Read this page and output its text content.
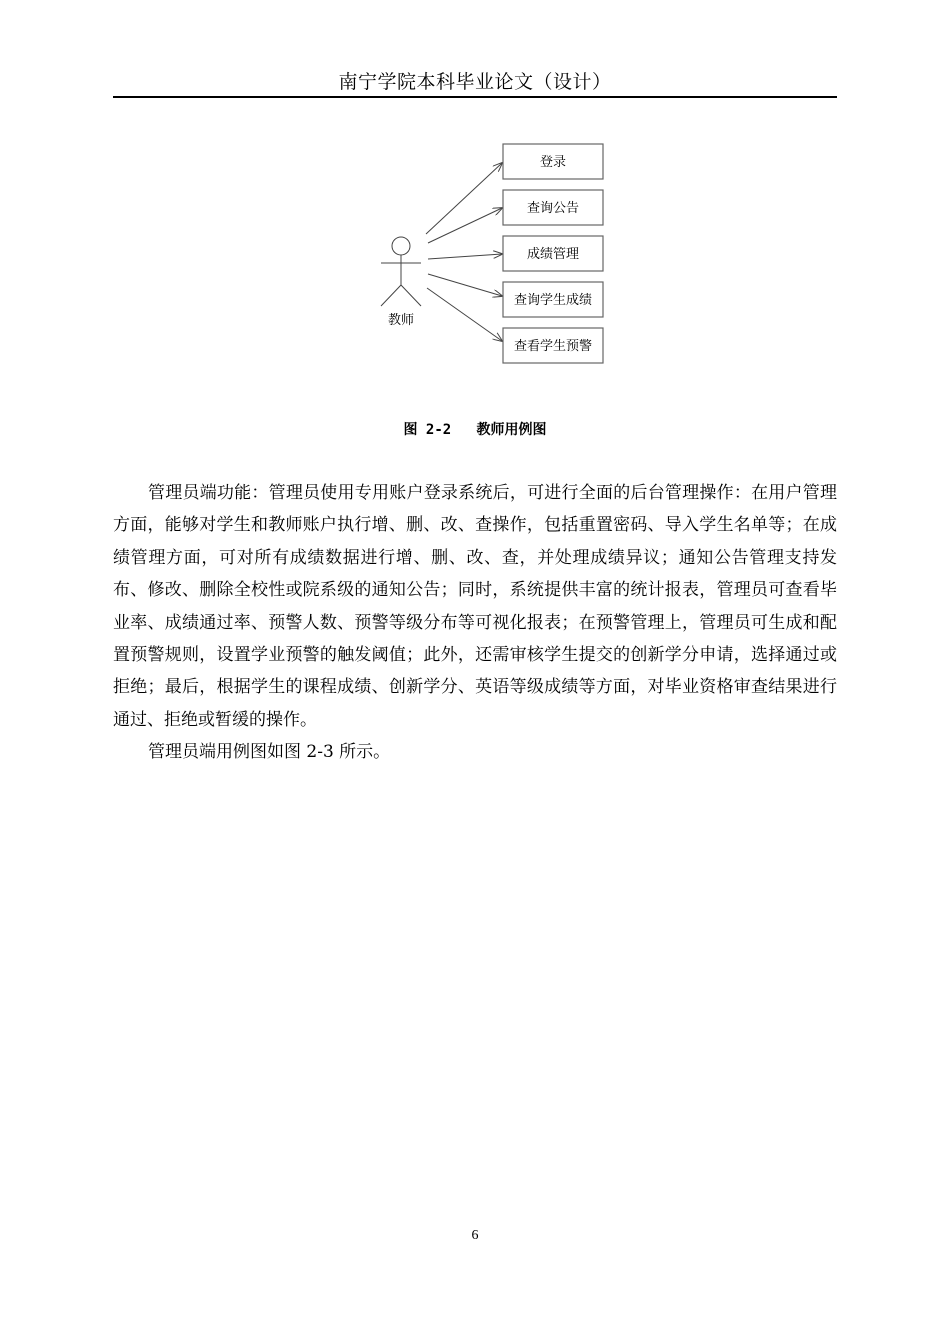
南宁学院本科毕业论文（设计）
教师
登录
查询公告
成绩管理
查询学生成绩
查看学生预警
图 2-2   教师用例图

管理员端功能：管理员使用专用账户登录系统后，可进行全面的后台管理操作：在用户管理方面，能够对学生和教师账户执行增、删、改、查操作，包括重置密码、导入学生名单等；在成绩管理方面，可对所有成绩数据进行增、删、改、查，并处理成绩异议；通知公告管理支持发布、修改、删除全校性或院系级的通知公告；同时，系统提供丰富的统计报表，管理员可查看毕业率、成绩通过率、预警人数、预警等级分布等可视化报表；在预警管理上，管理员可生成和配置预警规则，设置学业预警的触发阈值；此外，还需审核学生提交的创新学分申请，选择通过或拒绝；最后，根据学生的课程成绩、创新学分、英语等级成绩等方面，对毕业资格审查结果进行通过、拒绝或暂缓的操作。

管理员端用例图如图 2-3 所示。

6
